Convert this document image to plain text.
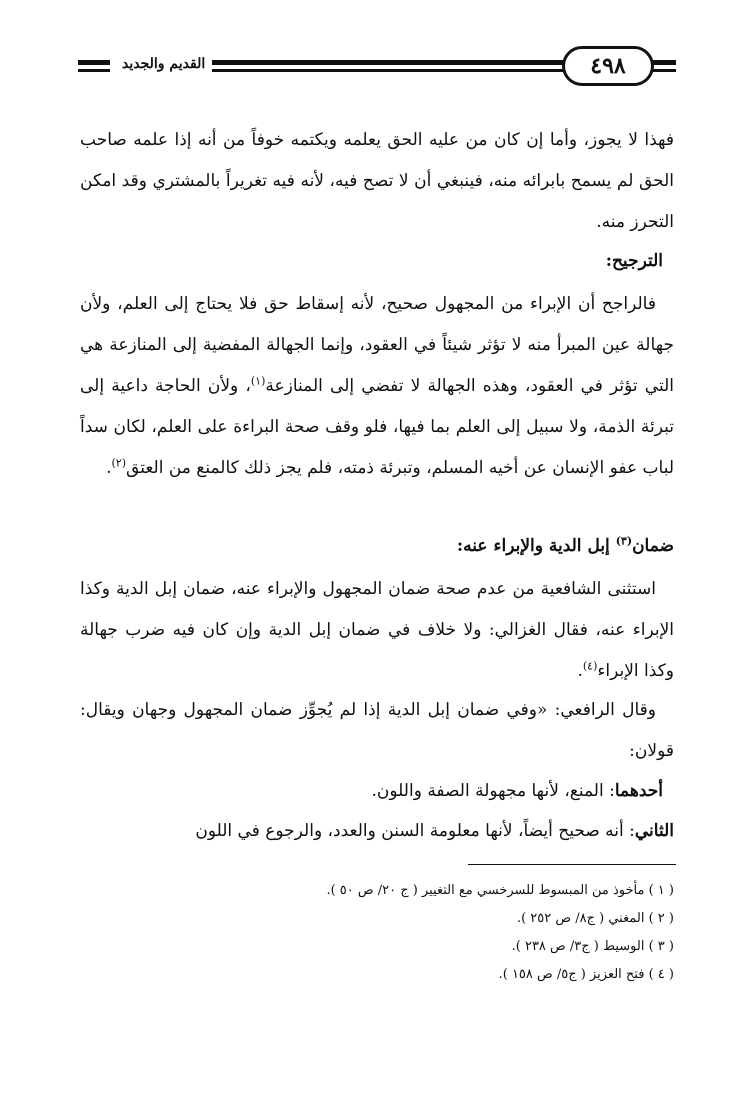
القديم والجديد	٤٩٨

فهذا لا يجوز، وأما إن كان من عليه الحق يعلمه ويكتمه خوفاً من أنه إذا علمه صاحب الحق لم يسمح بابرائه منه، فينبغي أن لا تصح فيه، لأنه فيه تغريراً بالمشتري وقد امكن التحرز منه.

الترجيح:

فالراجح أن الإبراء من المجهول صحيح، لأنه إسقاط حق فلا يحتاج إلى العلم، ولأن جهالة عين المبرأ منه لا تؤثر شيئاً في العقود، وإنما الجهالة المفضية إلى المنازعة هي التي تؤثر في العقود، وهذه الجهالة لا تفضي إلى المنازعة$^{(١)}$، ولأن الحاجة داعية إلى تبرئة الذمة، ولا سبيل إلى العلم بما فيها، فلو وقف صحة البراءة على العلم، لكان سداً لباب عفو الإنسان عن أخيه المسلم، وتبرئة ذمته، فلم يجز ذلك كالمنع من العتق$^{(٢)}$.

ضمان$^{(٣)}$ إبل الدية والإبراء عنه:

استثنى الشافعية من عدم صحة ضمان المجهول والإبراء عنه، ضمان إبل الدية وكذا الإبراء عنه، فقال الغزالي: ولا خلاف في ضمان إبل الدية وإن كان فيه ضرب جهالة وكذا الإبراء$^{(٤)}$.

وقال الرافعي: «وفي ضمان إبل الدية إذا لم يُجوِّز ضمان المجهول وجهان ويقال: قولان:

أحدهما: المنع، لأنها مجهولة الصفة واللون.

الثاني: أنه صحيح أيضاً، لأنها معلومة السنن والعدد، والرجوع في اللون

( ١ ) مأخوذ من المبسوط للسرخسي مع التغيير ( ج ٢٠/ ص ٥٠ ).

( ٢ ) المغني ( ج٨/ ص ٢٥٢ ).

( ٣ ) الوسيط ( ج٣/ ص ٢٣٨ ).

( ٤ ) فتح العزيز ( ج٥/ ص ١٥٨ ).
